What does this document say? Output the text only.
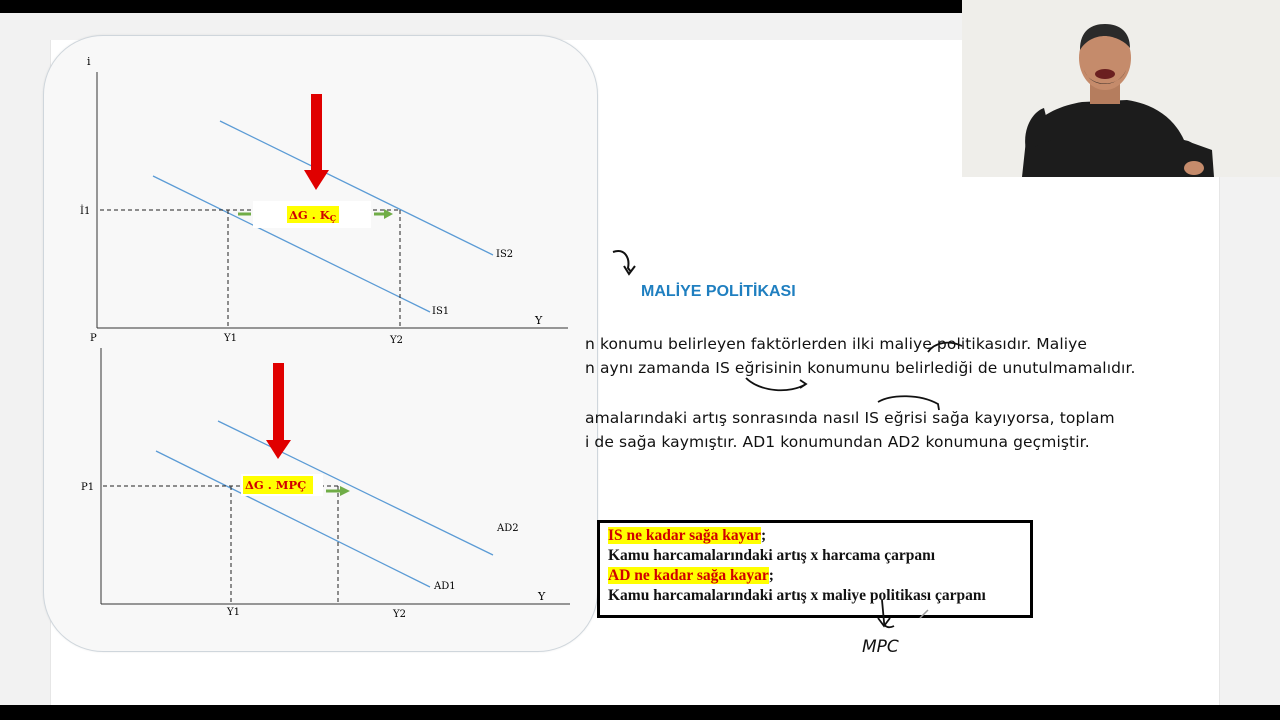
i
Y
P
İ1
Y1	Y2
IS1
IS2
ΔG . KÇ
Y
P1
Y1	Y2
AD1
AD2
ΔG . MPÇ
MALİYE POLİTİKASI
n konumu belirleyen faktörlerden ilki maliye politikasıdır. Maliye
n aynı zamanda IS eğrisinin konumunu belirlediği de unutulmamalıdır.
amalarındaki artış sonrasında nasıl IS eğrisi sağa kayıyorsa, toplam
i de sağa kaymıştır. AD1 konumundan AD2 konumuna geçmiştir.
IS ne kadar sağa kayar;
Kamu harcamalarındaki artış x harcama çarpanı
AD ne kadar sağa kayar;
Kamu harcamalarındaki artış x maliye politikası çarpanı
MPC
